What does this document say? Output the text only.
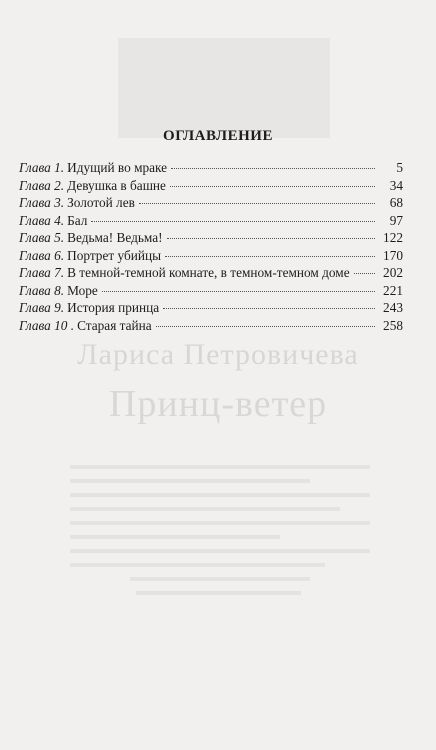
Лариса Петровичева
Принц-ветер
ОГЛАВЛЕНИЕ
Глава 1. Идущий во мраке	5
Глава 2. Девушка в башне	34
Глава 3. Золотой лев	68
Глава 4. Бал	97
Глава 5. Ведьма! Ведьма!	122
Глава 6. Портрет убийцы	170
Глава 7. В темной-темной комнате, в темном-темном доме	202
Глава 8. Море	221
Глава 9. История принца	243
Глава 10 . Старая тайна	258
